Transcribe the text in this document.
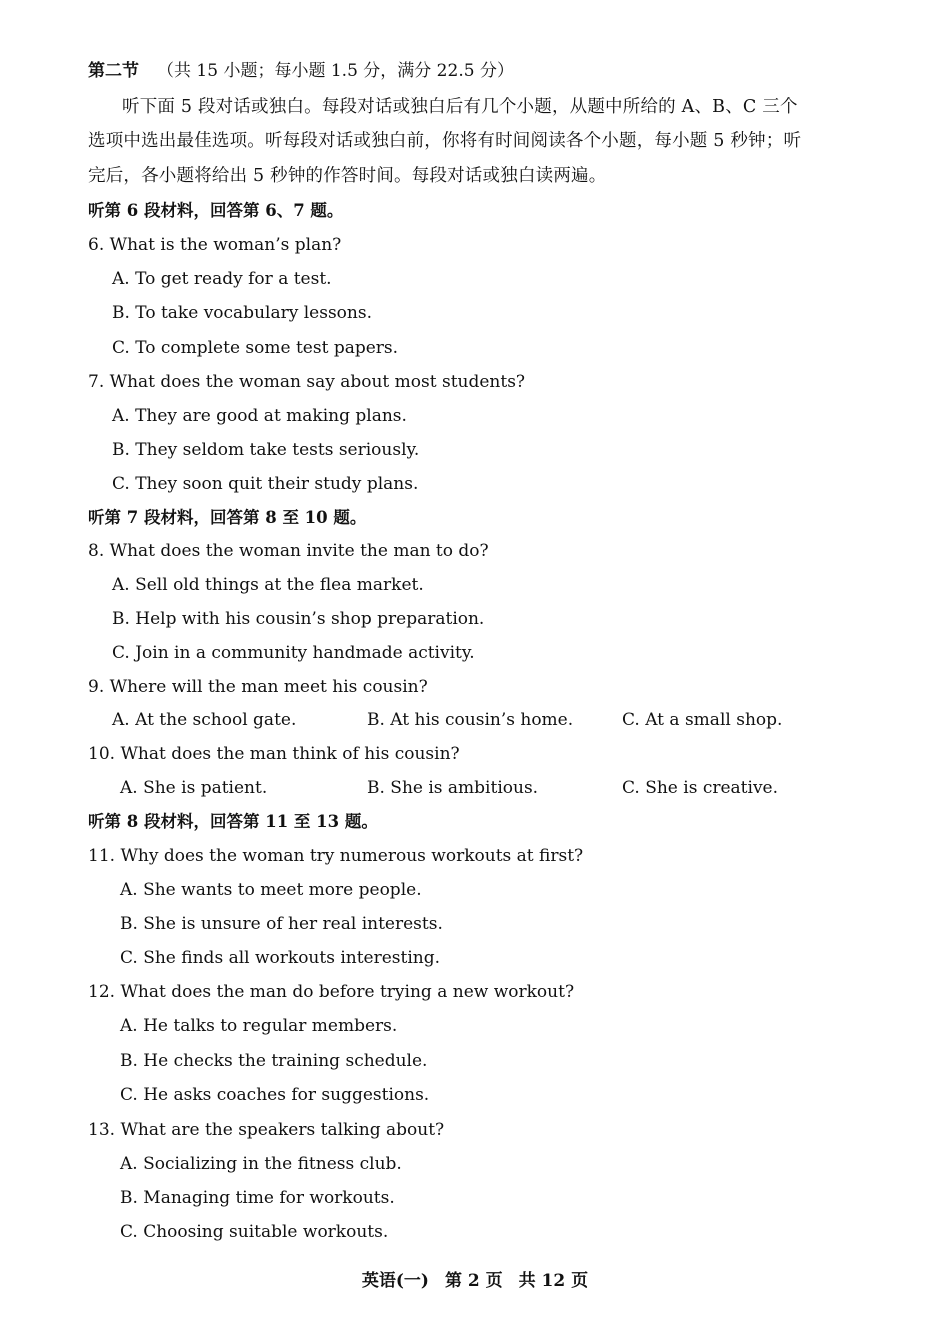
第二节 （共 15 小题；每小题 1.5 分，满分 22.5 分）
听下面 5 段对话或独白。每段对话或独白后有几个小题，从题中所给的 A、B、C 三个
选项中选出最佳选项。听每段对话或独白前，你将有时间阅读各个小题，每小题 5 秒钟；听
完后，各小题将给出 5 秒钟的作答时间。每段对话或独白读两遍。
听第 6 段材料，回答第 6、7 题。
6. What is the woman’s plan?
A. To get ready for a test.
B. To take vocabulary lessons.
C. To complete some test papers.
7. What does the woman say about most students?
A. They are good at making plans.
B. They seldom take tests seriously.
C. They soon quit their study plans.
听第 7 段材料，回答第 8 至 10 题。
8. What does the woman invite the man to do?
A. Sell old things at the flea market.
B. Help with his cousin’s shop preparation.
C. Join in a community handmade activity.
9. Where will the man meet his cousin?
A. At the school gate.	B. At his cousin’s home.	C. At a small shop.
10. What does the man think of his cousin?
A. She is patient.	B. She is ambitious.	C. She is creative.
听第 8 段材料，回答第 11 至 13 题。
11. Why does the woman try numerous workouts at first?
A. She wants to meet more people.
B. She is unsure of her real interests.
C. She finds all workouts interesting.
12. What does the man do before trying a new workout?
A. He talks to regular members.
B. He checks the training schedule.
C. He asks coaches for suggestions.
13. What are the speakers talking about?
A. Socializing in the fitness club.
B. Managing time for workouts.
C. Choosing suitable workouts.
英语(一) 第 2 页 共 12 页
